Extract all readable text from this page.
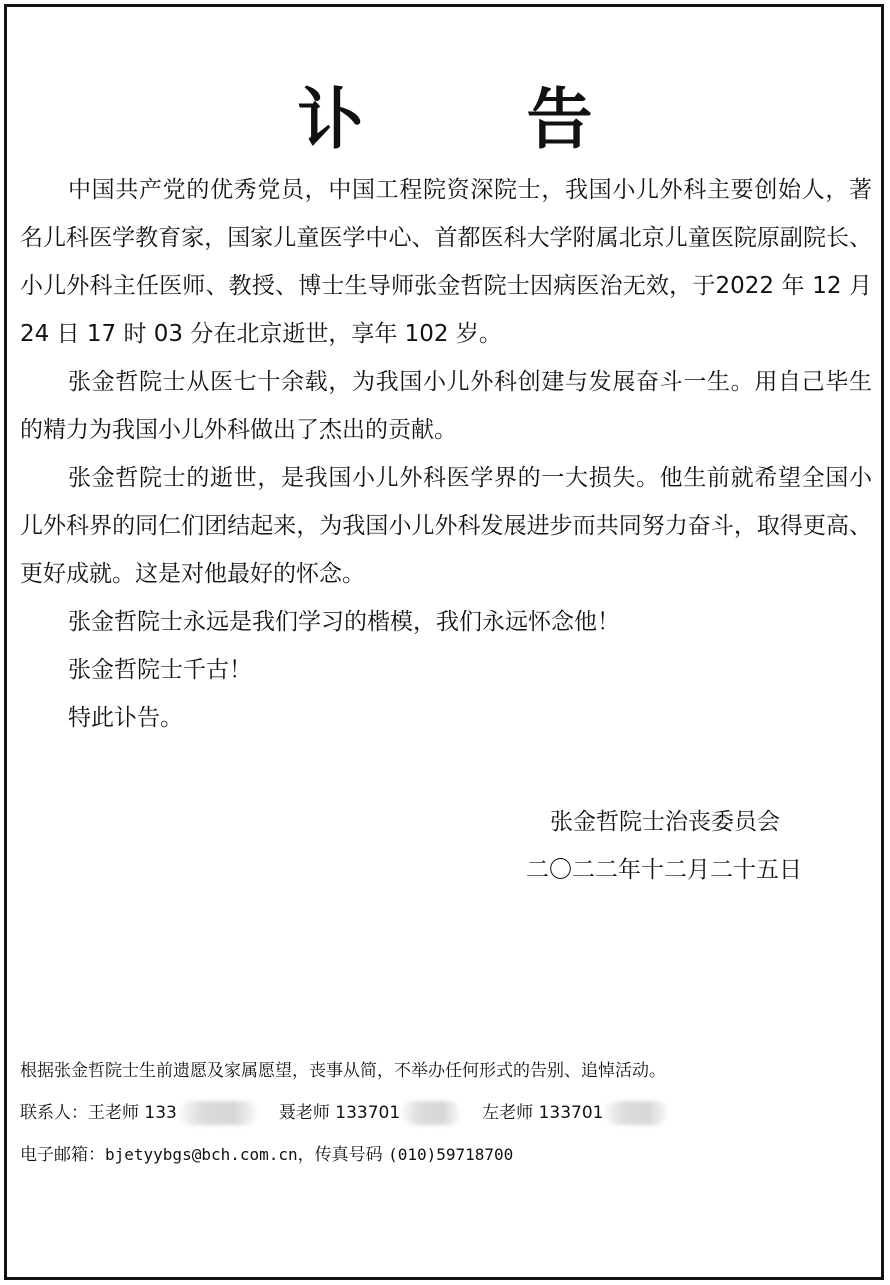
讣 告

中国共产党的优秀党员，中国工程院资深院士，我国小儿外科主要创始人，著名儿科医学教育家，国家儿童医学中心、首都医科大学附属北京儿童医院原副院长、小儿外科主任医师、教授、博士生导师张金哲院士因病医治无效，于2022 年 12 月 24 日 17 时 03 分在北京逝世，享年 102 岁。

张金哲院士从医七十余载，为我国小儿外科创建与发展奋斗一生。用自己毕生的精力为我国小儿外科做出了杰出的贡献。

张金哲院士的逝世，是我国小儿外科医学界的一大损失。他生前就希望全国小儿外科界的同仁们团结起来，为我国小儿外科发展进步而共同努力奋斗，取得更高、更好成就。这是对他最好的怀念。

张金哲院士永远是我们学习的楷模，我们永远怀念他！

张金哲院士千古！

特此讣告。

张金哲院士治丧委员会

二〇二二年十二月二十五日

根据张金哲院士生前遗愿及家属愿望，丧事从简，不举办任何形式的告别、追悼活动。

联系人：王老师 133	聂老师 133701	左老师 133701

电子邮箱：bjetyybgs@bch.com.cn，传真号码 (010)59718700
